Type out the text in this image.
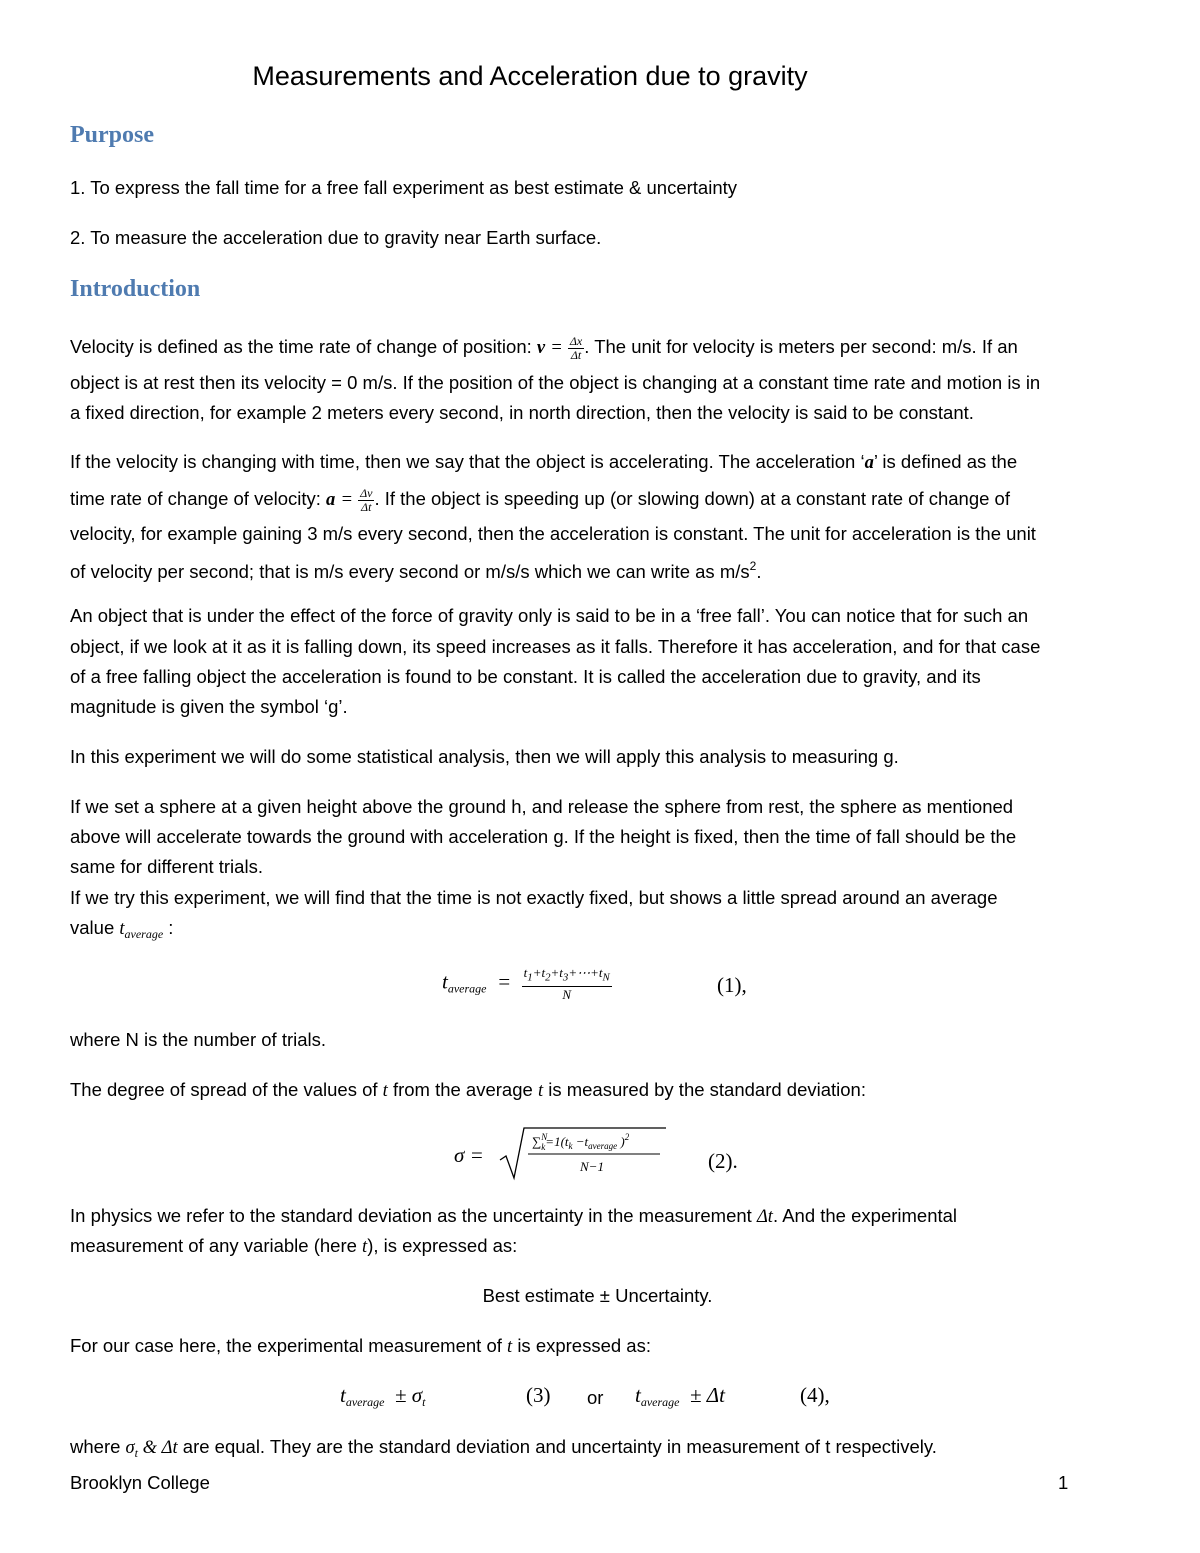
Measurements and Acceleration due to gravity
Purpose

1. To express the fall time for a free fall experiment as best estimate & uncertainty

2. To measure the acceleration due to gravity near Earth surface.

Introduction

Velocity is defined as the time rate of change of position: $v = \frac{\Delta x}{\Delta t}$ . The unit for velocity is meters per second: m/s. If an

object is at rest then its velocity = 0 m/s. If the position of the object is changing at a constant time rate and motion is in

a fixed direction, for example 2 meters every second, in north direction, then the velocity is said to be constant.

If the velocity is changing with time, then we say that the object is accelerating. The acceleration ‘a’ is defined as the

time rate of change of velocity: $a = \frac{\Delta v}{\Delta t}$ . If the object is speeding up (or slowing down) at a constant rate of change of

velocity, for example gaining 3 m/s every second, then the acceleration is constant. The unit for acceleration is the unit

of velocity per second; that is m/s every second or m/s/s which we can write as $m/s^2$.

An object that is under the effect of the force of gravity only is said to be in a ‘free fall’. You can notice that for such an

object, if we look at it as it is falling down, its speed increases as it falls. Therefore it has acceleration, and for that case

of a free falling object the acceleration is found to be constant. It is called the acceleration due to gravity, and its

magnitude is given the symbol ‘g’.

In this experiment we will do some statistical analysis, then we will apply this analysis to measuring g.

If we set a sphere at a given height above the ground h, and release the sphere from rest, the sphere as mentioned

above will accelerate towards the ground with acceleration g. If the height is fixed, then the time of fall should be the

same for different trials.

If we try this experiment, we will find that the time is not exactly fixed, but shows a little spread around an average

value $t_{average}$ :

$t_{average} = \frac{t_1+t_2+t_3+\cdots+t_N}{N}$	(1),

where N is the number of trials.

The degree of spread of the values of t from the average t is measured by the standard deviation:

σ =
∑$^N$ $k=1(t_k -t_{average}$ )$^2$
N−1	(2).

In physics we refer to the standard deviation as the uncertainty in the measurement Δt. And the experimental

measurement of any variable (here t), is expressed as:

Best estimate ± Uncertainty.

For our case here, the experimental measurement of t is expressed as:

$t_{average} \pm \sigma_t$	(3) or $t_{average} \pm \Delta t$	(4),

where $\sigma_t$ & Δt are equal. They are the standard deviation and uncertainty in measurement of t respectively.

Brooklyn College	1
